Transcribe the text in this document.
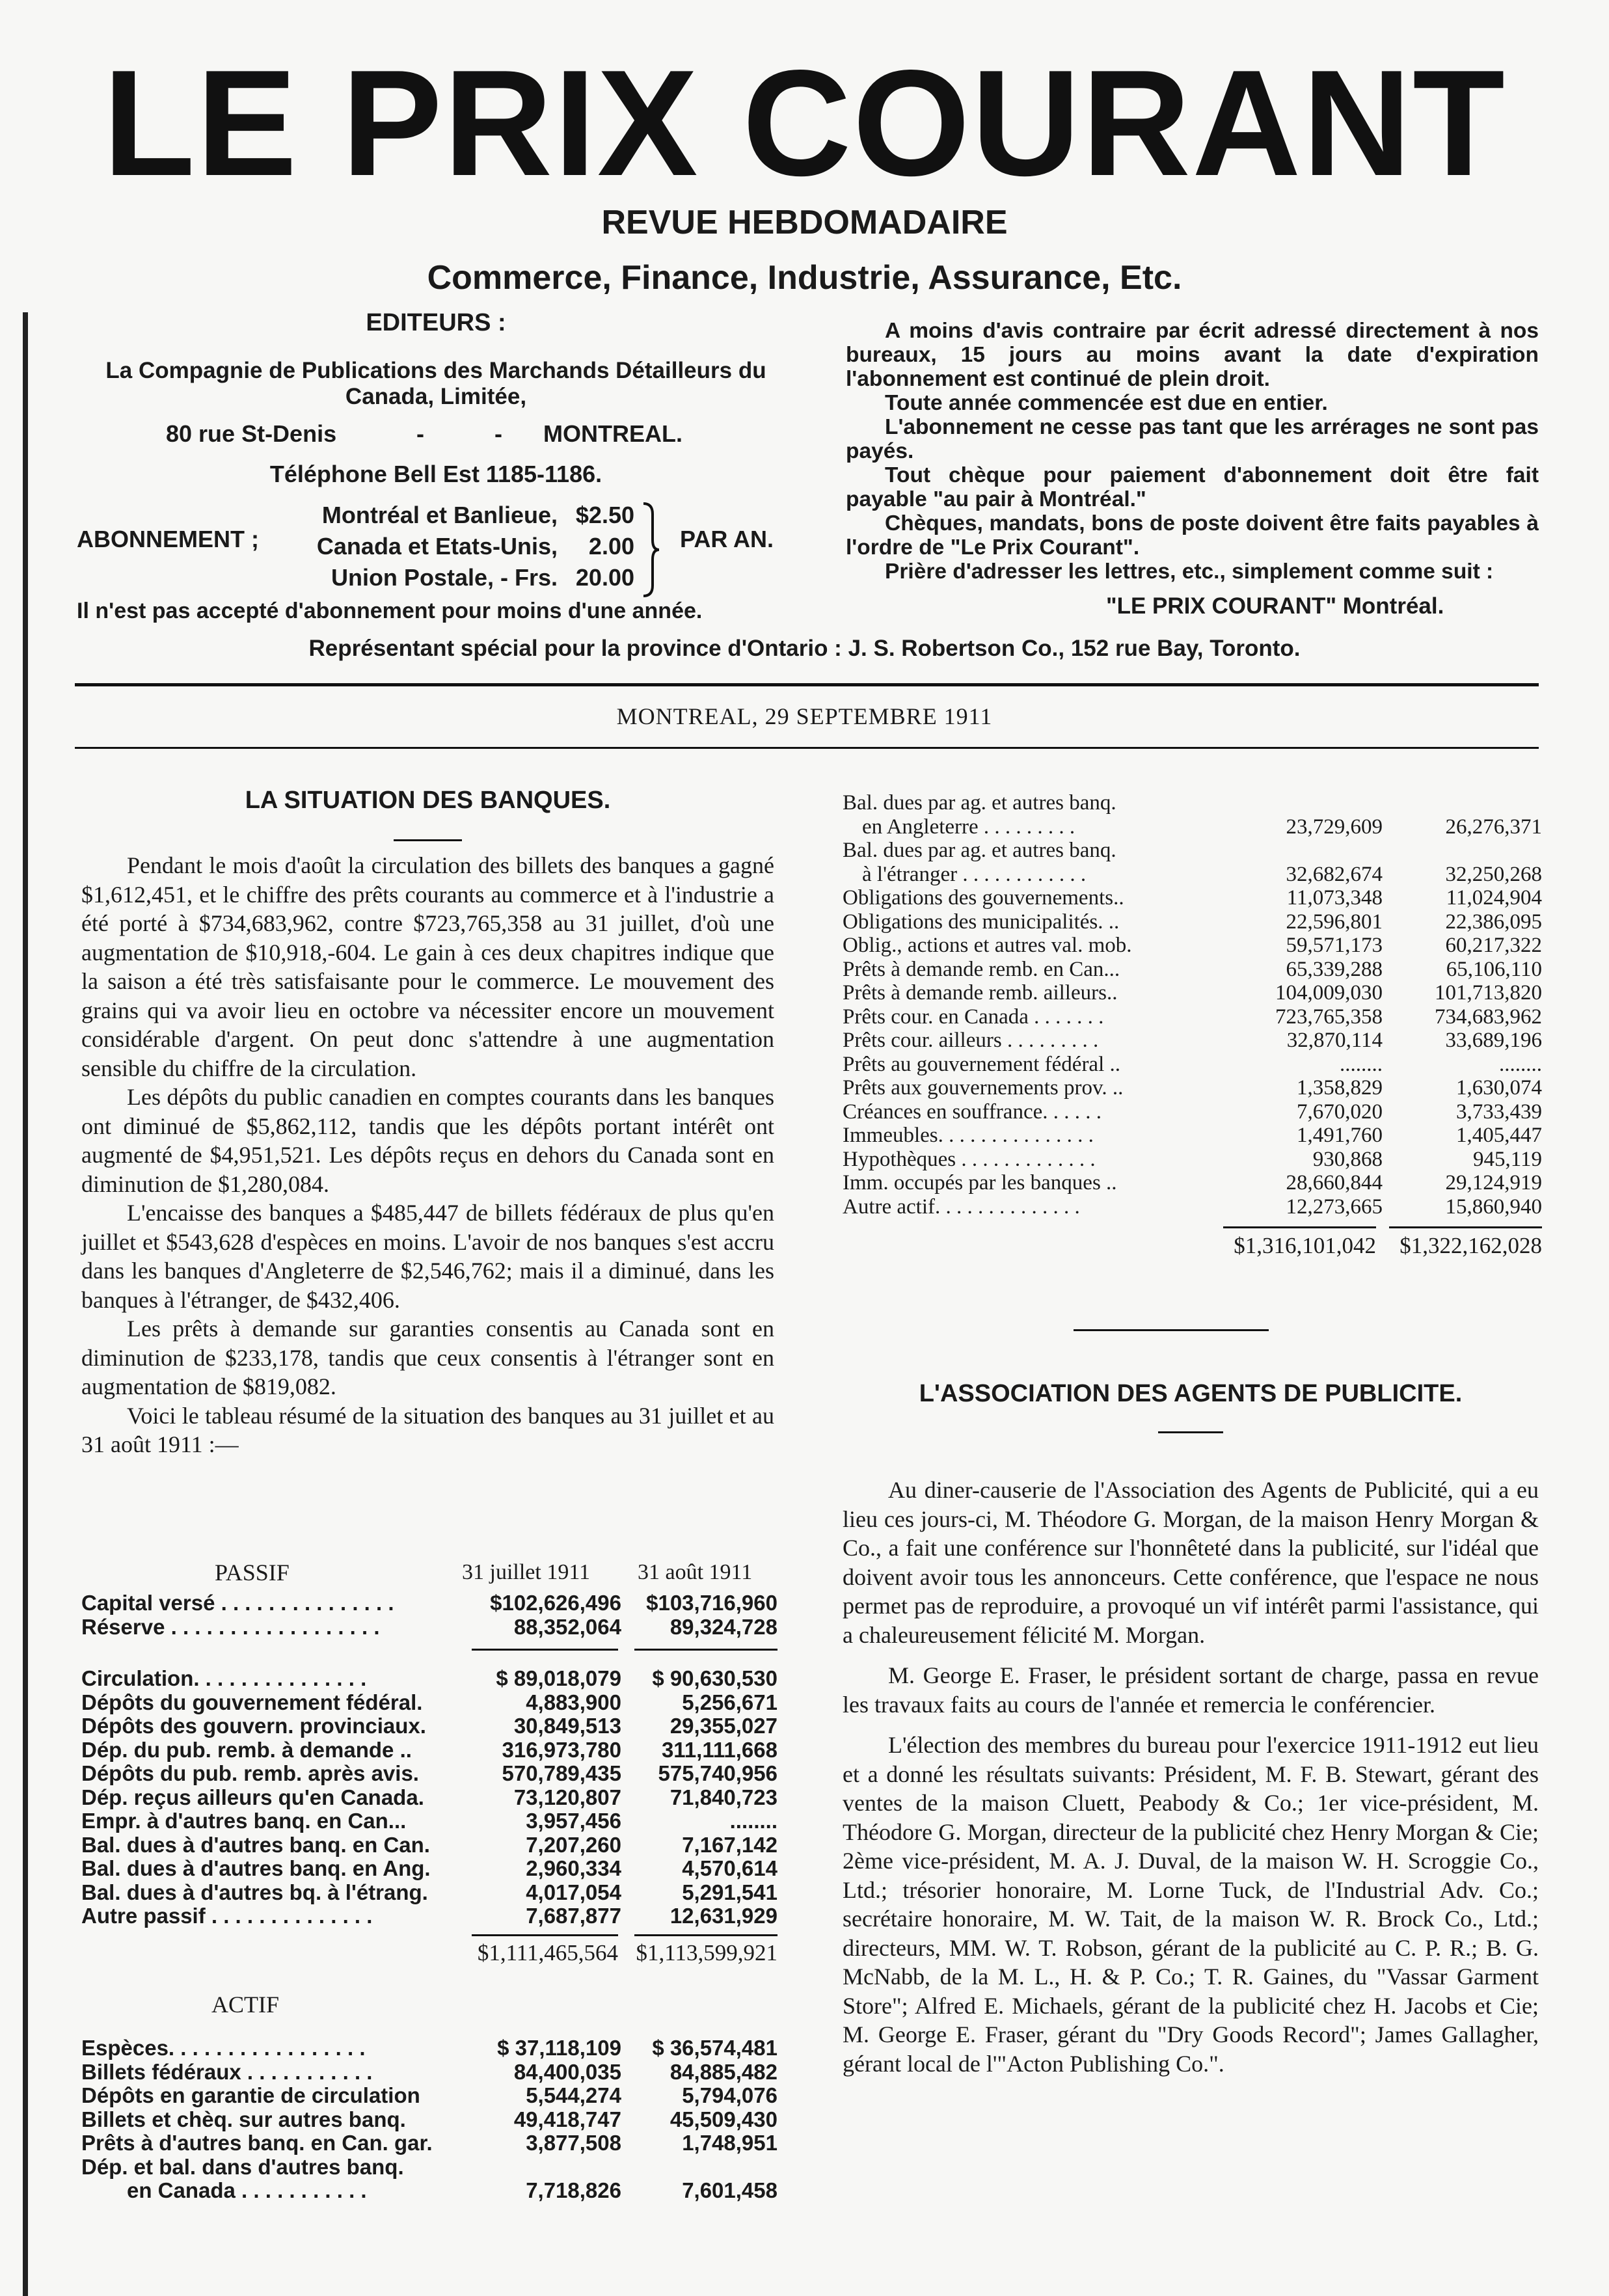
LE PRIX COURANT
REVUE HEBDOMADAIRE
Commerce, Finance, Industrie, Assurance, Etc.
EDITEURS :
La Compagnie de Publications des Marchands Détailleurs du Canada, Limitée,
80 rue St-Denis	-	- MONTREAL.
Téléphone Bell Est 1185-1186.
ABONNEMENT ;
Montréal et Banlieue, $2.50
Canada et Etats-Unis,	2.00
Union Postale, - Frs. 20.00
PAR AN.
Il n'est pas accepté d'abonnement pour moins d'une année.

A moins d'avis contraire par écrit adressé directement à nos bureaux, 15 jours au moins avant la date d'expiration l'abonnement est continué de plein droit.

Toute année commencée est due en entier.

L'abonnement ne cesse pas tant que les arrérages ne sont pas payés.

Tout chèque pour paiement d'abonnement doit être fait payable "au pair à Montréal."

Chèques, mandats, bons de poste doivent être faits payables à l'ordre de "Le Prix Courant".

Prière d'adresser les lettres, etc., simplement comme suit :

"LE PRIX COURANT" Montréal.
Représentant spécial pour la province d'Ontario : J. S. Robertson Co., 152 rue Bay, Toronto.
MONTREAL, 29 SEPTEMBRE 1911
LA SITUATION DES BANQUES.

Pendant le mois d'août la circulation des billets des banques a gagné $1,612,451, et le chiffre des prêts courants au commerce et à l'industrie a été porté à $734,683,962, contre $723,765,358 au 31 juillet, d'où une augmentation de $10,918,-604. Le gain à ces deux chapitres indique que la saison a été très satisfaisante pour le commerce. Le mouvement des grains qui va avoir lieu en octobre va nécessiter encore un mouvement considérable d'argent. On peut donc s'attendre à une augmentation sensible du chiffre de la circulation.

Les dépôts du public canadien en comptes courants dans les banques ont diminué de $5,862,112, tandis que les dépôts portant intérêt ont augmenté de $4,951,521. Les dépôts reçus en dehors du Canada sont en diminution de $1,280,084.

L'encaisse des banques a $485,447 de billets fédéraux de plus qu'en juillet et $543,628 d'espèces en moins. L'avoir de nos banques s'est accru dans les banques d'Angleterre de $2,546,762; mais il a diminué, dans les banques à l'étranger, de $432,406.

Les prêts à demande sur garanties consentis au Canada sont en diminution de $233,178, tandis que ceux consentis à l'étranger sont en augmentation de $819,082.

Voici le tableau résumé de la situation des banques au 31 juillet et au 31 août 1911 :—

PASSIF	31 juillet 1911 31 août 1911
Capital versé . . . . . . . . . . . . . . .	$102,626,496	$103,716,960
Réserve . . . . . . . . . . . . . . . . . .	88,352,064	89,324,728
Circulation. . . . . . . . . . . . . . .	$ 89,018,079	$ 90,630,530
Dépôts du gouvernement fédéral.	4,883,900	5,256,671
Dépôts des gouvern. provinciaux.	30,849,513	29,355,027
Dép. du pub. remb. à demande ..	316,973,780	311,111,668
Dépôts du pub. remb. après avis.	570,789,435	575,740,956
Dép. reçus ailleurs qu'en Canada.	73,120,807	71,840,723
Empr. à d'autres banq. en Can...	3,957,456	........
Bal. dues à d'autres banq. en Can.	7,207,260	7,167,142
Bal. dues à d'autres banq. en Ang.	2,960,334	4,570,614
Bal. dues à d'autres bq. à l'étrang.	4,017,054	5,291,541
Autre passif . . . . . . . . . . . . . .	7,687,877	12,631,929
$1,111,465,564 $1,113,599,921
ACTIF
Espèces. . . . . . . . . . . . . . . . .	$ 37,118,109	$ 36,574,481
Billets fédéraux . . . . . . . . . . .	84,400,035	84,885,482
Dépôts en garantie de circulation	5,544,274	5,794,076
Billets et chèq. sur autres banq.	49,418,747	45,509,430
Prêts à d'autres banq. en Can. gar.	3,877,508	1,748,951
Dép. et bal. dans d'autres banq.		
en Canada . . . . . . . . . . .	7,718,826	7,601,458
Bal. dues par ag. et autres banq.		
en Angleterre . . . . . . . . .	23,729,609	26,276,371
Bal. dues par ag. et autres banq.		
à l'étranger . . . . . . . . . . . .	32,682,674	32,250,268
Obligations des gouvernements..	11,073,348	11,024,904
Obligations des municipalités. ..	22,596,801	22,386,095
Oblig., actions et autres val. mob.	59,571,173	60,217,322
Prêts à demande remb. en Can...	65,339,288	65,106,110
Prêts à demande remb. ailleurs..	104,009,030	101,713,820
Prêts cour. en Canada . . . . . . .	723,765,358	734,683,962
Prêts cour. ailleurs . . . . . . . . .	32,870,114	33,689,196
Prêts au gouvernement fédéral ..	........	........
Prêts aux gouvernements prov. ..	1,358,829	1,630,074
Créances en souffrance. . . . . .	7,670,020	3,733,439
Immeubles. . . . . . . . . . . . . . .	1,491,760	1,405,447
Hypothèques . . . . . . . . . . . . .	930,868	945,119
Imm. occupés par les banques ..	28,660,844	29,124,919
Autre actif. . . . . . . . . . . . . .	12,273,665	15,860,940
$1,316,101,042	$1,322,162,028
L'ASSOCIATION DES AGENTS DE PUBLICITE.

Au diner-causerie de l'Association des Agents de Publicité, qui a eu lieu ces jours-ci, M. Théodore G. Morgan, de la maison Henry Morgan & Co., a fait une conférence sur l'honnêteté dans la publicité, sur l'idéal que doivent avoir tous les annonceurs. Cette conférence, que l'espace ne nous permet pas de reproduire, a provoqué un vif intérêt parmi l'assistance, qui a chaleureusement félicité M. Morgan.

M. George E. Fraser, le président sortant de charge, passa en revue les travaux faits au cours de l'année et remercia le conférencier.

L'élection des membres du bureau pour l'exercice 1911-1912 eut lieu et a donné les résultats suivants: Président, M. F. B. Stewart, gérant des ventes de la maison Cluett, Peabody & Co.; 1er vice-président, M. Théodore G. Morgan, directeur de la publicité chez Henry Morgan & Cie; 2ème vice-président, M. A. J. Duval, de la maison W. H. Scroggie Co., Ltd.; trésorier honoraire, M. Lorne Tuck, de l'Industrial Adv. Co.; secrétaire honoraire, M. W. Tait, de la maison W. R. Brock Co., Ltd.; directeurs, MM. W. T. Robson, gérant de la publicité au C. P. R.; B. G. McNabb, de la M. L., H. & P. Co.; T. R. Gaines, du "Vassar Garment Store"; Alfred E. Michaels, gérant de la publicité chez H. Jacobs et Cie; M. George E. Fraser, gérant du "Dry Goods Record"; James Gallagher, gérant local de l'"Acton Publishing Co.".
